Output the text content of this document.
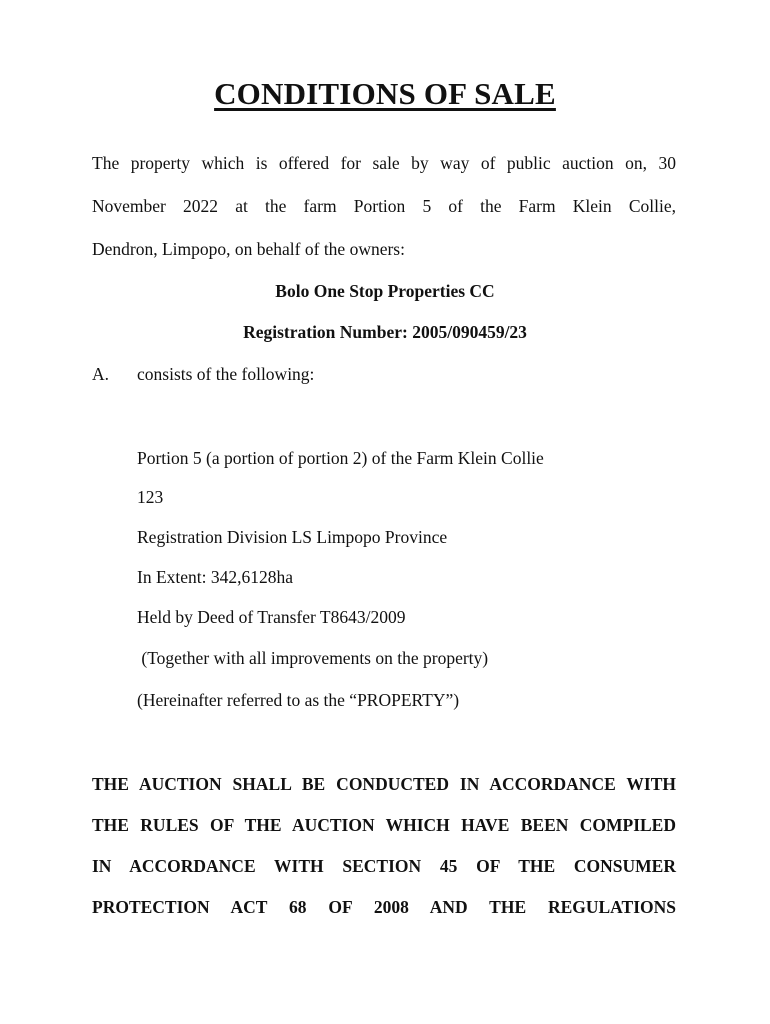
CONDITIONS OF SALE
The property which is offered for sale by way of public auction on, 30
November 2022 at the farm Portion 5 of the Farm Klein Collie,
Dendron, Limpopo, on behalf of the owners:
Bolo One Stop Properties CC
Registration Number: 2005/090459/23
A. consists of the following:
Portion 5 (a portion of portion 2) of the Farm Klein Collie
123
Registration Division LS Limpopo Province
In Extent: 342,6128ha
Held by Deed of Transfer T8643/2009
(Together with all improvements on the property)
(Hereinafter referred to as the “PROPERTY”)
THE AUCTION SHALL BE CONDUCTED IN ACCORDANCE WITH
THE RULES OF THE AUCTION WHICH HAVE BEEN COMPILED
IN ACCORDANCE WITH SECTION 45 OF THE CONSUMER
PROTECTION ACT 68 OF 2008 AND THE REGULATIONS
